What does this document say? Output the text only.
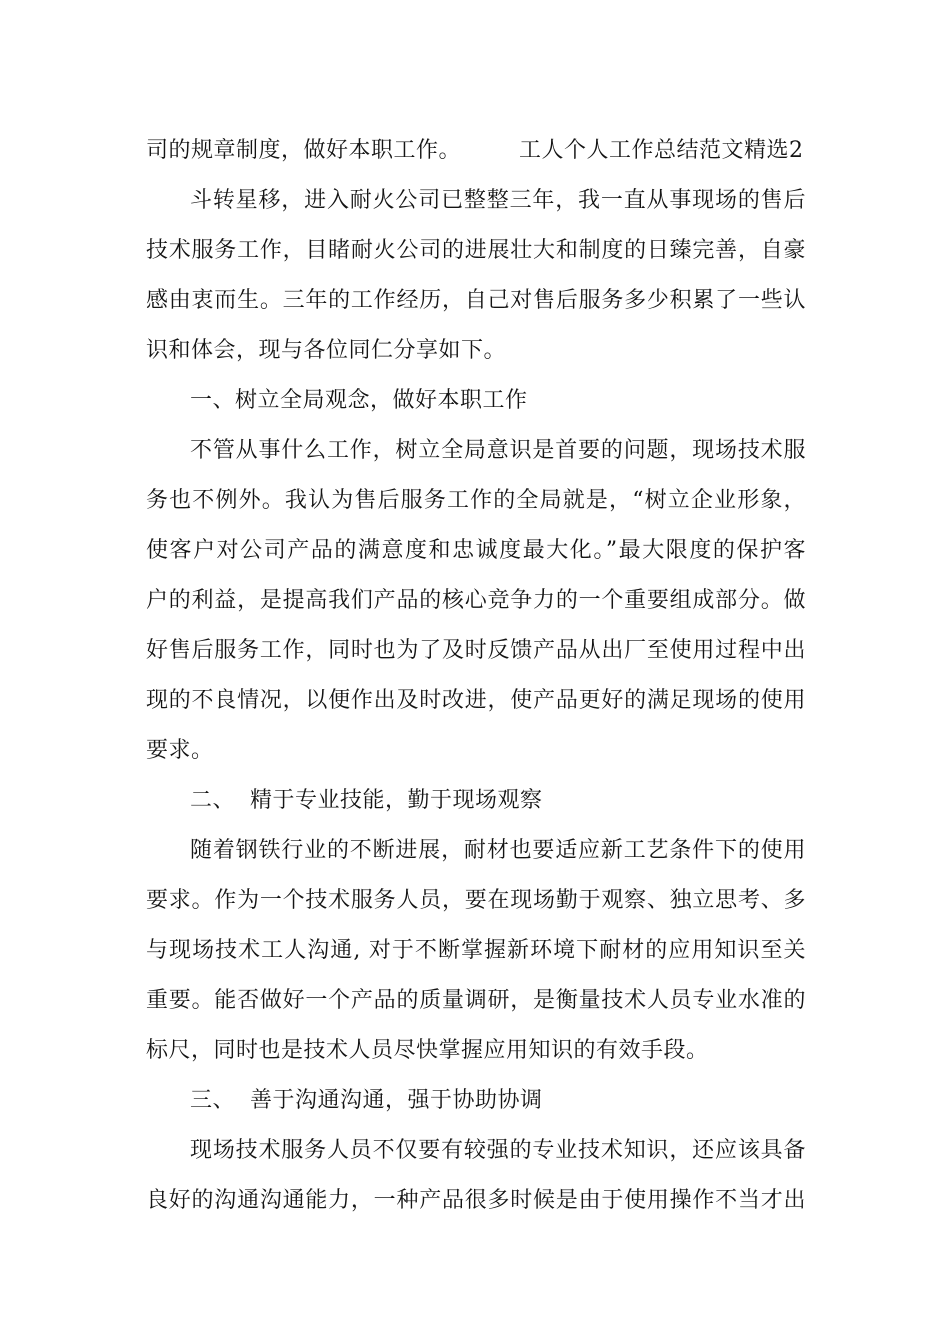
司的规章制度，做好本职工作。	工人个人工作总结范文精选2
斗转星移，进入耐火公司已整整三年，我一直从事现场的售后
技术服务工作，目睹耐火公司的进展壮大和制度的日臻完善，自豪
感由衷而生。三年的工作经历，自己对售后服务多少积累了一些认
识和体会，现与各位同仁分享如下。
一、树立全局观念，做好本职工作
不管从事什么工作，树立全局意识是首要的问题，现场技术服
务也不例外。我认为售后服务工作的全局就是，“树立企业形象，
使客户对公司产品的满意度和忠诚度最大化。”最大限度的保护客
户的利益，是提高我们产品的核心竞争力的一个重要组成部分。做
好售后服务工作，同时也为了及时反馈产品从出厂至使用过程中出
现的不良情况，以便作出及时改进，使产品更好的满足现场的使用
要求。
二、  精于专业技能，勤于现场观察
随着钢铁行业的不断进展，耐材也要适应新工艺条件下的使用
要求。作为一个技术服务人员，要在现场勤于观察、独立思考、多
与现场技术工人沟通, 对于不断掌握新环境下耐材的应用知识至关
重要。能否做好一个产品的质量调研，是衡量技术人员专业水准的
标尺，同时也是技术人员尽快掌握应用知识的有效手段。
三、  善于沟通沟通，强于协助协调
现场技术服务人员不仅要有较强的专业技术知识，还应该具备
良好的沟通沟通能力，一种产品很多时候是由于使用操作不当才出
